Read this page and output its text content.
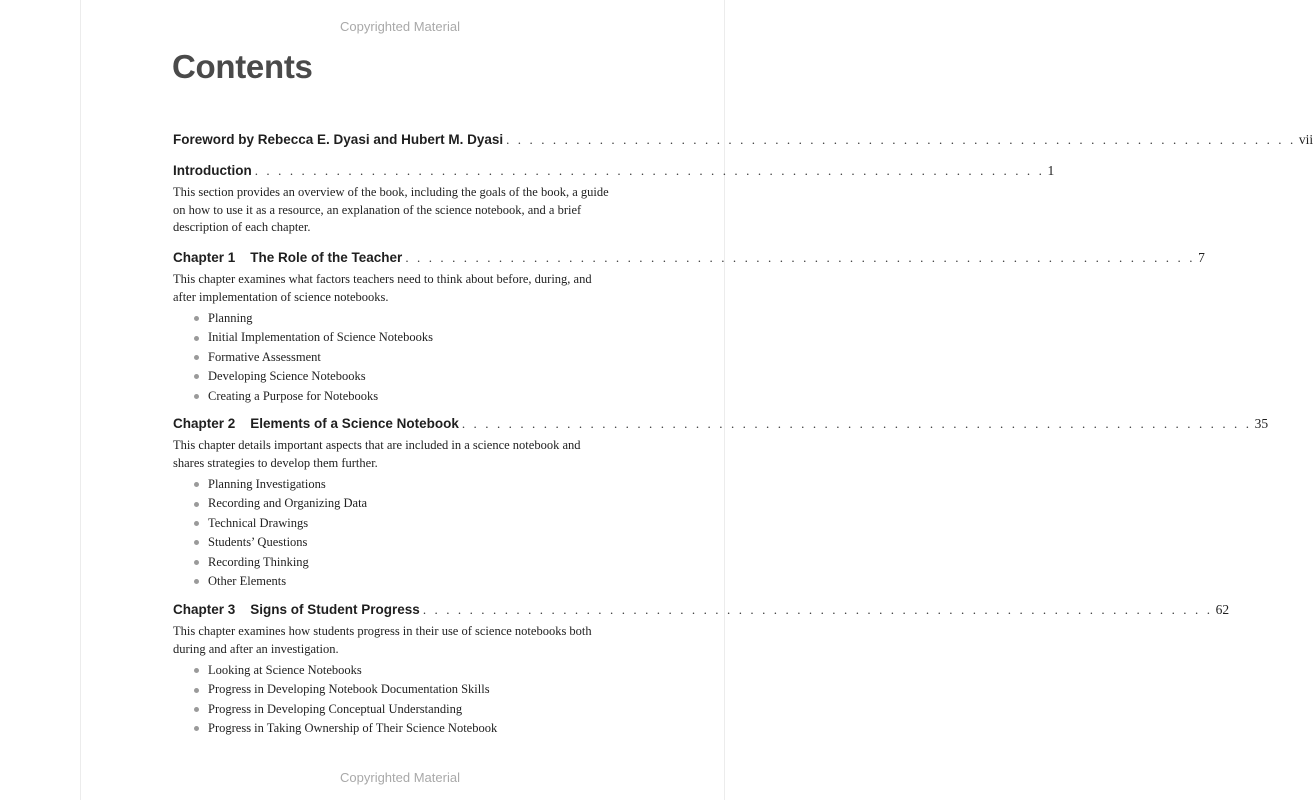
Copyrighted Material
Contents
Foreword by Rebecca E. Dyasi and Hubert M. Dyasi . . . . . . . . . . . . . . . . . . . . . . . . . . . . . . . . . . . . . . . . . . . . . . . . . . . . . . . . . . . . . . . . . . . . vii
Introduction . . . . . . . . . . . . . . . . . . . . . . . . . . . . . . . . . . . . . . . . . . . . . . . . . . . . . . . . . . . . . . . . . . . . 1

This section provides an overview of the book, including the goals of the book, a guide on how to use it as a resource, an explanation of the science notebook, and a brief description of each chapter.

Chapter 1 The Role of the Teacher . . . . . . . . . . . . . . . . . . . . . . . . . . . . . . . . . . . . . . . . . . . . . . . . . . . . . . . . . . . . . . . . . . . . 7

This chapter examines what factors teachers need to think about before, during, and after implementation of science notebooks.

Planning
Initial Implementation of Science Notebooks
Formative Assessment
Developing Science Notebooks
Creating a Purpose for Notebooks
Chapter 2 Elements of a Science Notebook . . . . . . . . . . . . . . . . . . . . . . . . . . . . . . . . . . . . . . . . . . . . . . . . . . . . . . . . . . . . . . . . . . . . 35

This chapter details important aspects that are included in a science notebook and shares strategies to develop them further.

Planning Investigations
Recording and Organizing Data
Technical Drawings
Students’ Questions
Recording Thinking
Other Elements
Chapter 3 Signs of Student Progress . . . . . . . . . . . . . . . . . . . . . . . . . . . . . . . . . . . . . . . . . . . . . . . . . . . . . . . . . . . . . . . . . . . . 62

This chapter examines how students progress in their use of science notebooks both during and after an investigation.

Looking at Science Notebooks
Progress in Developing Notebook Documentation Skills
Progress in Developing Conceptual Understanding
Progress in Taking Ownership of Their Science Notebook
Copyrighted Material
